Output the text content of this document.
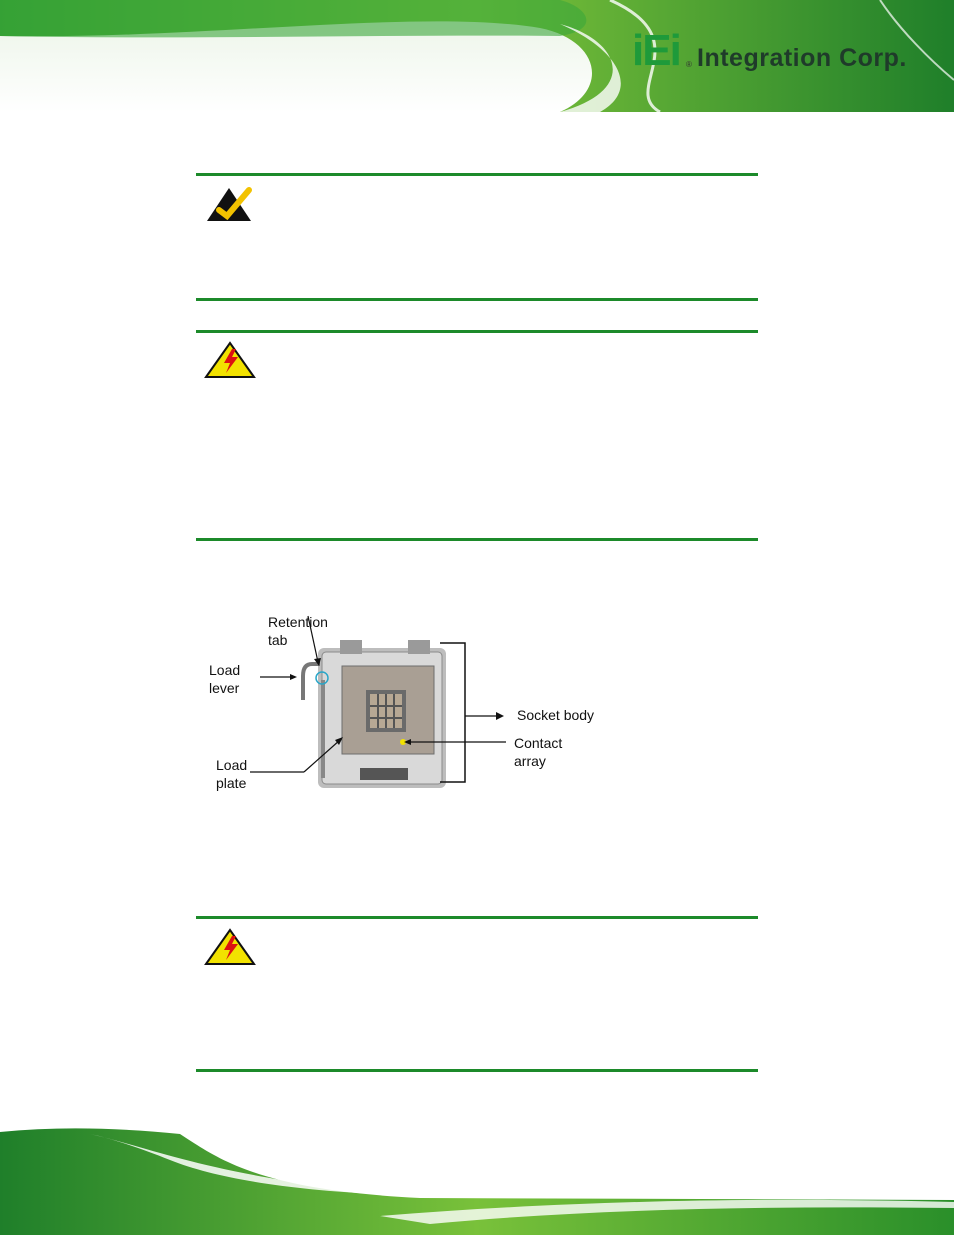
iEi ® Integration Corp.
Retention
tab
Load
lever
Socket body
Contact
array
Load
plate
